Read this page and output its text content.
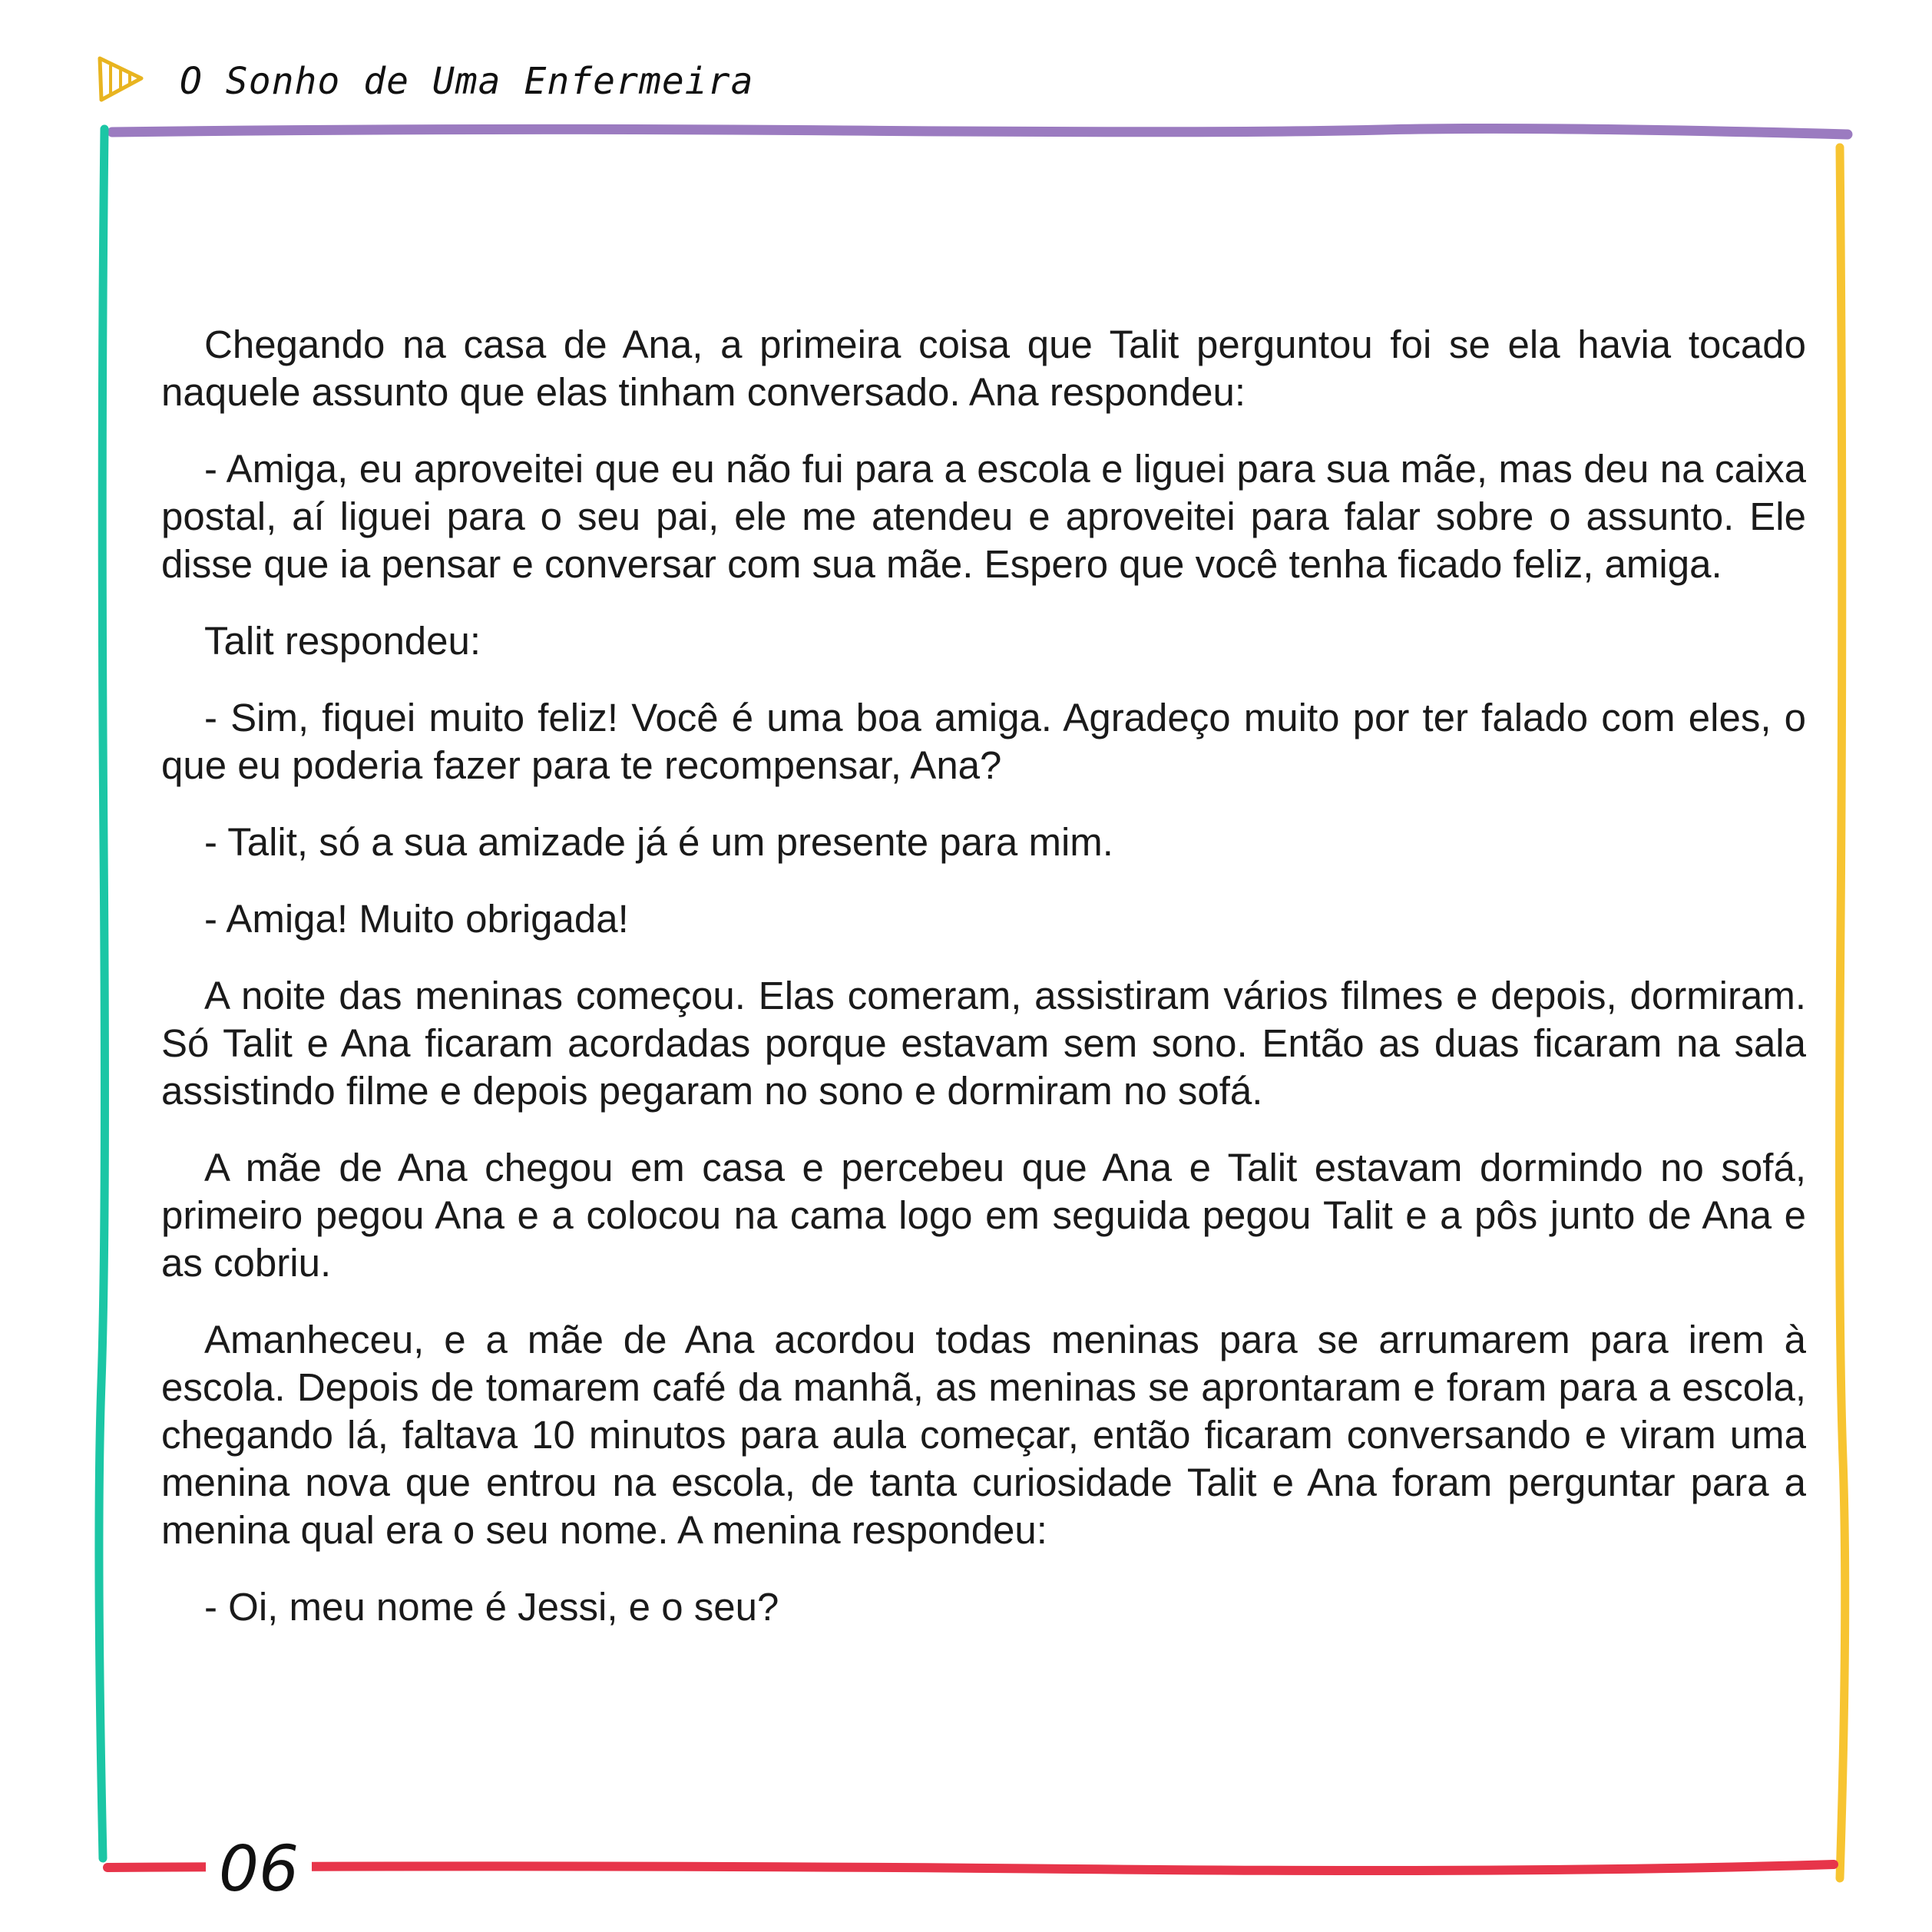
O Sonho de Uma Enfermeira
06

Chegando na casa de Ana, a primeira coisa que Talit perguntou foi se ela havia tocado naquele assunto que elas tinham conversado. Ana respondeu:

- Amiga, eu aproveitei que eu não fui para a escola e liguei para sua mãe, mas deu na caixa postal, aí liguei para o seu pai, ele me atendeu e aproveitei para falar sobre o assunto. Ele disse que ia pensar e conversar com sua mãe. Espero que você tenha ficado feliz, amiga.

Talit respondeu:

- Sim, fiquei muito feliz! Você é uma boa amiga. Agradeço muito por ter falado com eles, o que eu poderia fazer para te recompensar, Ana?

- Talit, só a sua amizade já é um presente para mim.

- Amiga! Muito obrigada!

A noite das meninas começou. Elas comeram, assistiram vários filmes e depois, dormiram. Só Talit e Ana ficaram acordadas porque estavam sem sono. Então as duas ficaram na sala assistindo filme e depois pegaram no sono e dormiram no sofá.

A mãe de Ana chegou em casa e percebeu que Ana e Talit estavam dormindo no sofá, primeiro pegou Ana e a colocou na cama logo em seguida pegou Talit e a pôs junto de Ana e as cobriu.

Amanheceu, e a mãe de Ana acordou todas meninas para se arrumarem para irem à escola. Depois de tomarem café da manhã, as meninas se aprontaram e foram para a escola, chegando lá, faltava 10 minutos para aula começar, então ficaram conversando e viram uma menina nova que entrou na escola, de tanta curiosidade Talit e Ana foram perguntar para a menina qual era o seu nome. A menina respondeu:

- Oi, meu nome é Jessi, e o seu?
